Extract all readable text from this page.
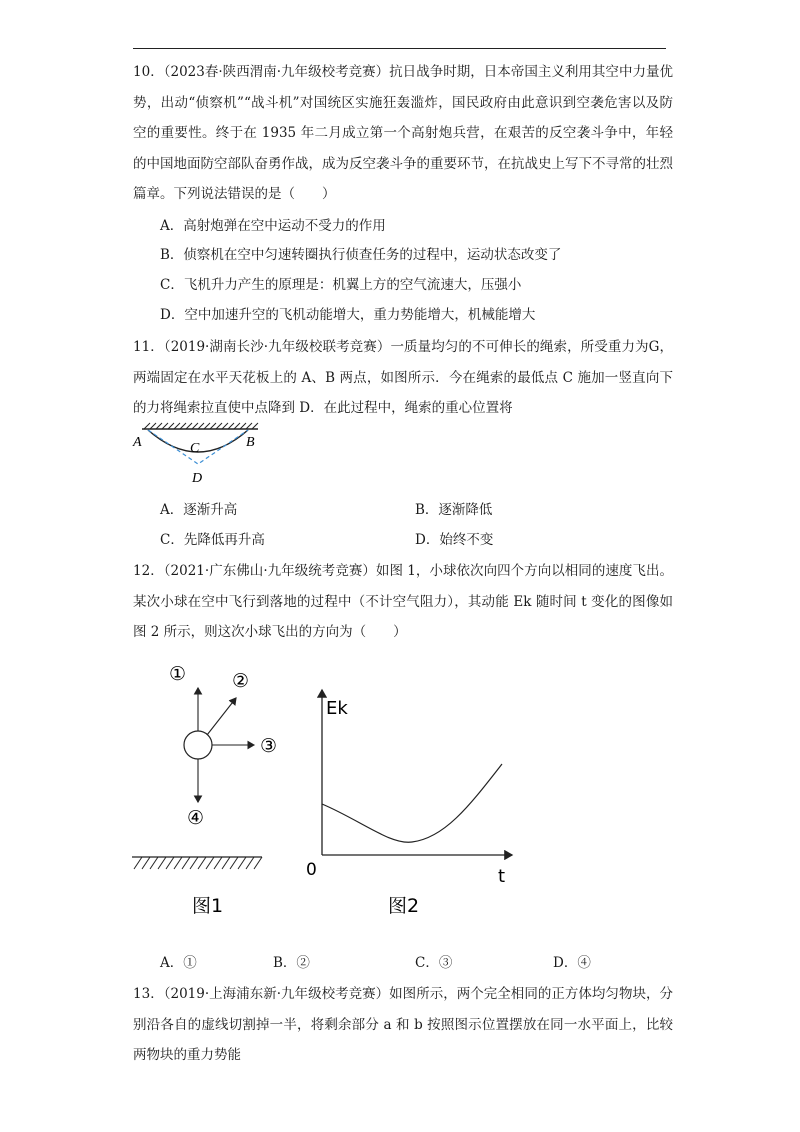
10．（2023春·陕西渭南·九年级校考竞赛）抗日战争时期，日本帝国主义利用其空中力量优势，出动“侦察机”“战斗机”对国统区实施狂轰滥炸，国民政府由此意识到空袭危害以及防空的重要性。终于在 1935 年二月成立第一个高射炮兵营，在艰苦的反空袭斗争中，年轻的中国地面防空部队奋勇作战，成为反空袭斗争的重要环节，在抗战史上写下不寻常的壮烈篇章。下列说法错误的是（　　）
A．高射炮弹在空中运动不受力的作用
B．侦察机在空中匀速转圈执行侦查任务的过程中，运动状态改变了
C．飞机升力产生的原理是：机翼上方的空气流速大，压强小
D．空中加速升空的飞机动能增大，重力势能增大，机械能增大
11．（2019·湖南长沙·九年级校联考竞赛）一质量均匀的不可伸长的绳索，所受重力为G，两端固定在水平天花板上的 A、B 两点，如图所示．今在绳索的最低点 C 施加一竖直向下的力将绳索拉直使中点降到 D．在此过程中，绳索的重心位置将
A	B
C
D
A．逐渐升高	B．逐渐降低
C．先降低再升高	D．始终不变
12．（2021·广东佛山·九年级统考竞赛）如图 1，小球依次向四个方向以相同的速度飞出。某次小球在空中飞行到落地的过程中（不计空气阻力），其动能 Ek 随时间 t 变化的图像如图 2 所示，则这次小球飞出的方向为（　　）
① ②
③
④
图1
Ek
t
0
图2
A．①	B．②	C．③	D．④
13．（2019·上海浦东新·九年级校考竞赛）如图所示，两个完全相同的正方体均匀物块，分别沿各自的虚线切割掉一半，将剩余部分 a 和 b 按照图示位置摆放在同一水平面上，比较两物块的重力势能
